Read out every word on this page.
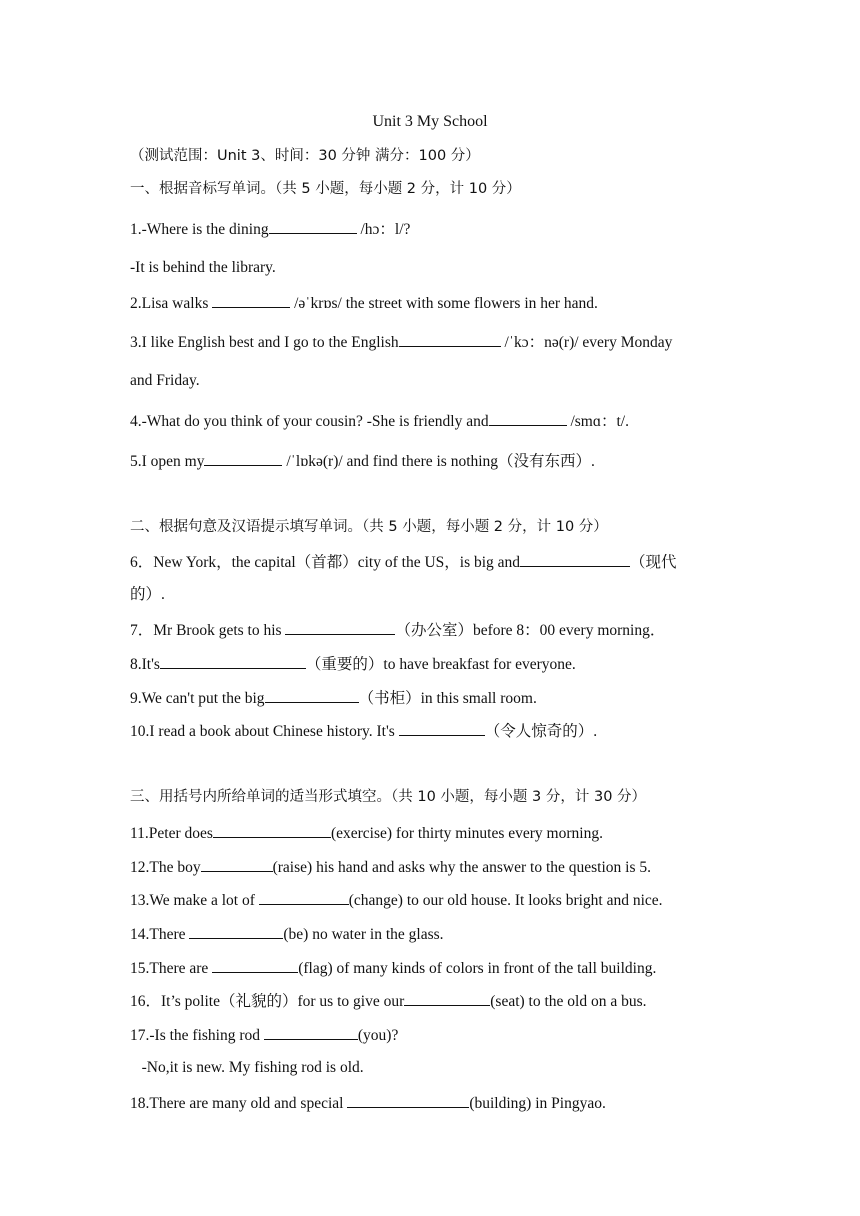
Unit 3 My School
（测试范围：Unit 3、时间：30 分钟 满分：100 分）
一、根据音标写单词。（共 5 小题，每小题 2 分，计 10 分）
1.-Where is the dining	/hɔ：l/?
-It is behind the library.
2.Lisa walks	/əˈkrɒs/ the street with some flowers in her hand.
3.I like English best and I go to the English	/ˈkɔ：nə(r)/ every Monday
and Friday.
4.-What do you think of your cousin? -She is friendly and	/smɑ：t/.
5.I open my	/ˈlɒkə(r)/ and find there is nothing（没有东西）.
二、根据句意及汉语提示填写单词。（共 5 小题，每小题 2 分，计 10 分）
6．New York，the capital（首都）city of the US，is big and	（现代
的）.
7．Mr Brook gets to his	（办公室）before 8：00 every morning．
8.It's	（重要的）to have breakfast for everyone.
9.We can't put the big	（书柜）in this small room.
10.I read a book about Chinese history. It's	（令人惊奇的）.
三、用括号内所给单词的适当形式填空。（共 10 小题，每小题 3 分，计 30 分）
11.Peter does	(exercise) for thirty minutes every morning.
12.The boy	(raise) his hand and asks why the answer to the question is 5.
13.We make a lot of	(change) to our old house. It looks bright and nice.
14.There	(be) no water in the glass.
15.There are	(flag) of many kinds of colors in front of the tall building.
16．It’s polite（礼貌的）for us to give our	(seat) to the old on a bus.
17.-Is the fishing rod	(you)?
-No,it is new. My fishing rod is old.
18.There are many old and special	(building) in Pingyao.
